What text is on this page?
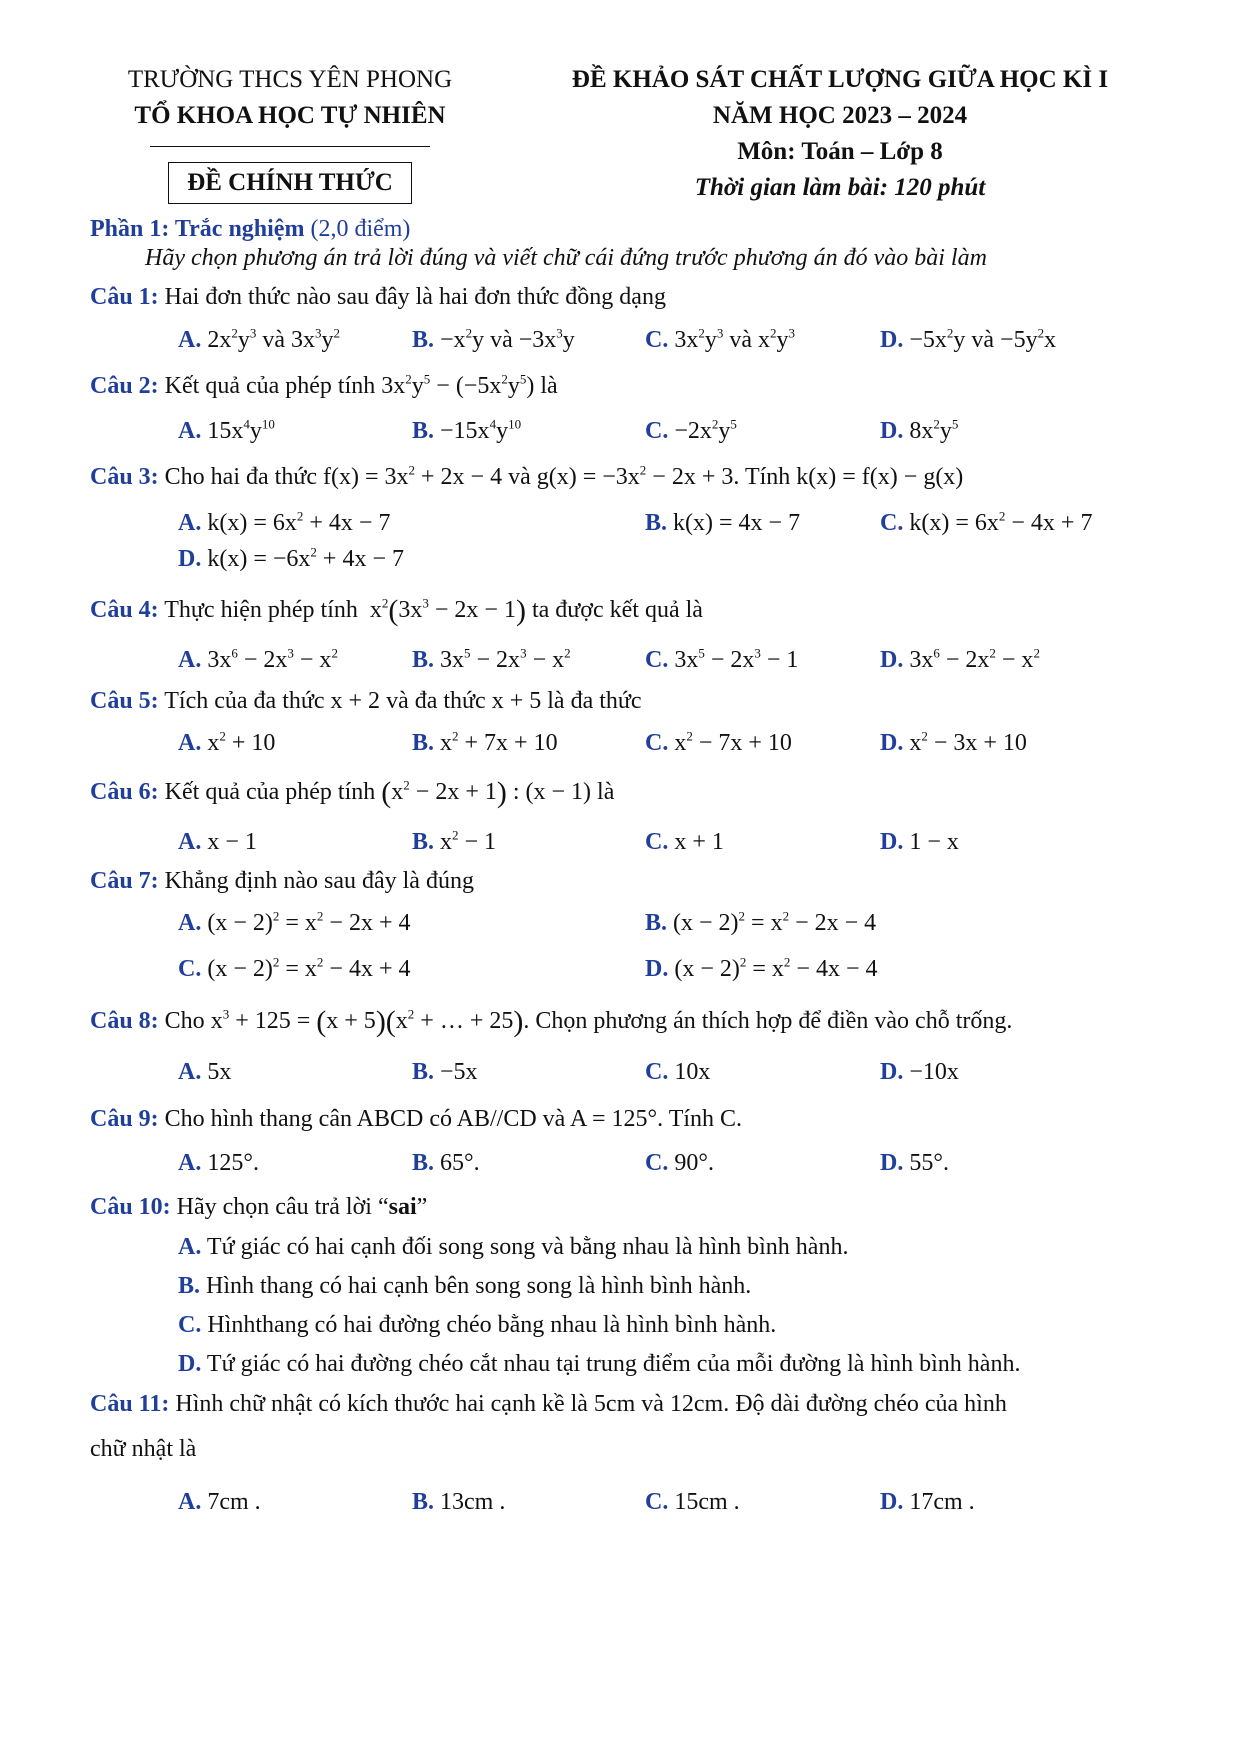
TRƯỜNG THCS YÊN PHONG
TỔ KHOA HỌC TỰ NHIÊN
ĐỀ CHÍNH THỨC
ĐỀ KHẢO SÁT CHẤT LƯỢNG GIỮA HỌC KÌ I
NĂM HỌC 2023 – 2024
Môn: Toán – Lớp 8
Thời gian làm bài: 120 phút
Phần 1: Trắc nghiệm (2,0 điểm)
Hãy chọn phương án trả lời đúng và viết chữ cái đứng trước phương án đó vào bài làm
Câu 1: Hai đơn thức nào sau đây là hai đơn thức đồng dạng
A. $2x^2y^3$ và $3x^3y^2$	B. $-x^2y$ và $-3x^3y$	C. $3x^2y^3$ và $x^2y^3$	D. $-5x^2y$ và $-5y^2x$
Câu 2: Kết quả của phép tính $3x^2y^5 - (-5x^2y^5)$ là
A. $15x^4y^{10}$	B. $-15x^4y^{10}$	C. $-2x^2y^5$	D. $8x^2y^5$
Câu 3: Cho hai đa thức $f(x) = 3x^2 + 2x - 4$ và $g(x) = -3x^2 - 2x + 3$. Tính k(x) = f(x) − g(x)
A. $k(x) = 6x^2 + 4x - 7$	B. k(x) = 4x − 7	C. $k(x) = 6x^2 - 4x + 7$
D. $k(x) = -6x^2 + 4x - 7$
Câu 4: Thực hiện phép tính  $x^2(3x^3 - 2x - 1)$ ta được kết quả là
A. $3x^6 - 2x^3 - x^2$	B. $3x^5 - 2x^3 - x^2$	C. $3x^5 - 2x^3 - 1$	D. $3x^6 - 2x^2 - x^2$
Câu 5: Tích của đa thức x + 2 và đa thức x + 5 là đa thức
A. $x^2 + 10$	B. $x^2 + 7x + 10$	C. $x^2 - 7x + 10$	D. $x^2 - 3x + 10$
Câu 6: Kết quả của phép tính $(x^2 - 2x + 1)$ : (x − 1) là
A. x − 1	B. $x^2 - 1$	C. x + 1	D. 1 − x
Câu 7: Khẳng định nào sau đây là đúng
A. $(x - 2)^2 = x^2 - 2x + 4$	B. $(x - 2)^2 = x^2 - 2x - 4$
C. $(x - 2)^2 = x^2 - 4x + 4$	D. $(x - 2)^2 = x^2 - 4x - 4$
Câu 8: Cho $x^3 + 125 = (x + 5)(x^2$ + … + 25). Chọn phương án thích hợp để điền vào chỗ trống.
A. 5x	B. −5x	C. 10x	D. −10x
Câu 9: Cho hình thang cân ABCD có AB//CD và A = 125°. Tính C.
A. 125°.	B. 65°.	C. 90°.	D. 55°.
Câu 10: Hãy chọn câu trả lời “sai”
A. Tứ giác có hai cạnh đối song song và bằng nhau là hình bình hành.
B. Hình thang có hai cạnh bên song song là hình bình hành.
C. Hìnhthang có hai đường chéo bằng nhau là hình bình hành.
D. Tứ giác có hai đường chéo cắt nhau tại trung điểm của mỗi đường là hình bình hành.
Câu 11: Hình chữ nhật có kích thước hai cạnh kề là 5cm và 12cm. Độ dài đường chéo của hình
chữ nhật là
A. 7cm .	B. 13cm .	C. 15cm .	D. 17cm .
